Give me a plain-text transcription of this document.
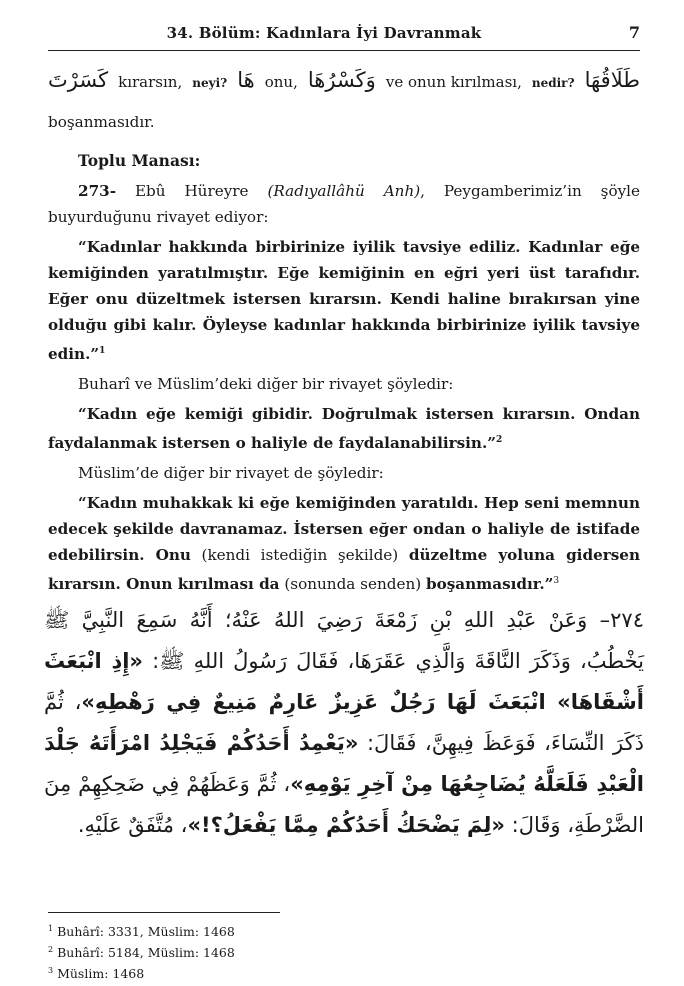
34. Bölüm: Kadınlara İyi Davranmak	7
كَسَرْتَ kırarsın, neyi? هَا onu, وَكَسْرُهَا ve onun kırılması, nedir? طَلَاقُهَا

boşanmasıdır.

Toplu Manası:

273- Ebû Hüreyre (Radıyallâhü Anh), Peygamberimiz’in şöyle buyurduğunu rivayet ediyor:

“Kadınlar hakkında birbirinize iyilik tavsiye ediliz. Kadınlar eğe kemiğinden yaratılmıştır. Eğe kemiğinin en eğri yeri üst tarafıdır. Eğer onu düzeltmek istersen kırarsın. Kendi haline bırakırsan yine olduğu gibi kalır. Öyleyse kadınlar hakkında birbirinize iyilik tavsiye edin.”$^1$

Buharî ve Müslim’deki diğer bir rivayet şöyledir:

“Kadın eğe kemiği gibidir. Doğrulmak istersen kırarsın. Ondan faydalanmak istersen o haliyle de faydalanabilirsin.”$^2$

Müslim’de diğer bir rivayet de şöyledir:

“Kadın muhakkak ki eğe kemiğinden yaratıldı. Hep seni memnun edecek şekilde davranamaz. İstersen eğer ondan o haliyle de istifade edebilirsin. Onu (kendi istediğin şekilde) düzeltme yoluna gidersen kırarsın. Onun kırılması da (sonunda senden) boşanmasıdır.”$^3$

٢٧٤– وَعَنْ عَبْدِ اللهِ بْنِ زَمْعَةَ رَضِيَ اللهُ عَنْهُ؛ أَنَّهُ سَمِعَ النَّبِيَّ ﷺ يَخْطُبُ، وَذَكَرَ النَّاقَةَ وَالَّذِي عَقَرَهَا، فَقَالَ رَسُولُ اللهِ ﷺ: «إِذِ انْبَعَثَ أَشْقَاهَا» انْبَعَثَ لَهَا رَجُلٌ عَزِيزٌ عَارِمٌ مَنِيعٌ فِي رَهْطِهِ»، ثُمَّ ذَكَرَ النِّسَاءَ، فَوَعَظَ فِيهِنَّ، فَقَالَ: «يَعْمِدُ أَحَدُكُمْ فَيَجْلِدُ امْرَأَتَهُ جَلْدَ الْعَبْدِ فَلَعَلَّهُ يُضَاجِعُهَا مِنْ آخِرِ يَوْمِهِ»، ثُمَّ وَعَظَهُمْ فِي ضَحِكِهِمْ مِنَ الضَّرْطَةِ، وَقَالَ: «لِمَ يَضْحَكُ أَحَدُكُمْ مِمَّا يَفْعَلُ؟!»، مُتَّفَقٌ عَلَيْهِ.
$^1$ Buhârî: 3331, Müslim: 1468
$^2$ Buhârî: 5184, Müslim: 1468
$^3$ Müslim: 1468
